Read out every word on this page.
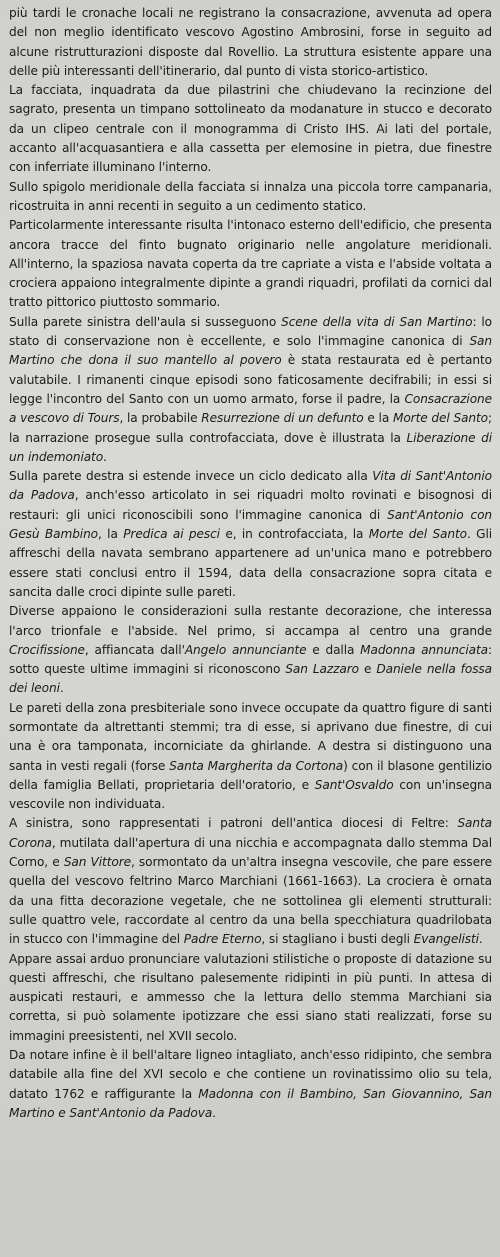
più tardi le cronache locali ne registrano la consacrazione, avvenuta ad opera del non meglio identificato vescovo Agostino Ambrosini, forse in seguito ad alcune ristrutturazioni disposte dal Rovellio. La struttura esistente appare una delle più interessanti dell'itinerario, dal punto di vista storico-artistico.

La facciata, inquadrata da due pilastrini che chiudevano la recinzione del sagrato, presenta un timpano sottolineato da modanature in stucco e decorato da un clipeo centrale con il monogramma di Cristo IHS. Ai lati del portale, accanto all'acquasantiera e alla cassetta per elemosine in pietra, due finestre con inferriate illuminano l'interno.

Sullo spigolo meridionale della facciata si innalza una piccola torre campanaria, ricostruita in anni recenti in seguito a un cedimento statico.

Particolarmente interessante risulta l'intonaco esterno dell'edificio, che presenta ancora tracce del finto bugnato originario nelle angolature meridionali. All'interno, la spaziosa navata coperta da tre capriate a vista e l'abside voltata a crociera appaiono integralmente dipinte a grandi riquadri, profilati da cornici dal tratto pittorico piuttosto sommario.

Sulla parete sinistra dell'aula si susseguono Scene della vita di San Martino: lo stato di conservazione non è eccellente, e solo l'immagine canonica di San Martino che dona il suo mantello al povero è stata restaurata ed è pertanto valutabile. I rimanenti cinque episodi sono faticosamente decifrabili; in essi si legge l'incontro del Santo con un uomo armato, forse il padre, la Consacrazione a vescovo di Tours, la probabile Resurrezione di un defunto e la Morte del Santo; la narrazione prosegue sulla controfacciata, dove è illustrata la Liberazione di un indemoniato.

Sulla parete destra si estende invece un ciclo dedicato alla Vita di Sant'Antonio da Padova, anch'esso articolato in sei riquadri molto rovinati e bisognosi di restauri: gli unici riconoscibili sono l'immagine canonica di Sant'Antonio con Gesù Bambino, la Predica ai pesci e, in controfacciata, la Morte del Santo. Gli affreschi della navata sembrano appartenere ad un'unica mano e potrebbero essere stati conclusi entro il 1594, data della consacrazione sopra citata e sancita dalle croci dipinte sulle pareti.

Diverse appaiono le considerazioni sulla restante decorazione, che interessa l'arco trionfale e l'abside. Nel primo, si accampa al centro una grande Crocifissione, affiancata dall'Angelo annunciante e dalla Madonna annunciata: sotto queste ultime immagini si riconoscono San Lazzaro e Daniele nella fossa dei leoni.

Le pareti della zona presbiteriale sono invece occupate da quattro figure di santi sormontate da altrettanti stemmi; tra di esse, si aprivano due finestre, di cui una è ora tamponata, incorniciate da ghirlande. A destra si distinguono una santa in vesti regali (forse Santa Margherita da Cortona) con il blasone gentilizio della famiglia Bellati, proprietaria dell'oratorio, e Sant'Osvaldo con un'insegna vescovile non individuata.

A sinistra, sono rappresentati i patroni dell'antica diocesi di Feltre: Santa Corona, mutilata dall'apertura di una nicchia e accompagnata dallo stemma Dal Corno, e San Vittore, sormontato da un'altra insegna vescovile, che pare essere quella del vescovo feltrino Marco Marchiani (1661-1663). La crociera è ornata da una fitta decorazione vegetale, che ne sottolinea gli elementi strutturali: sulle quattro vele, raccordate al centro da una bella specchiatura quadrilobata in stucco con l'immagine del Padre Eterno, si stagliano i busti degli Evangelisti.

Appare assai arduo pronunciare valutazioni stilistiche o proposte di datazione su questi affreschi, che risultano palesemente ridipinti in più punti. In attesa di auspicati restauri, e ammesso che la lettura dello stemma Marchiani sia corretta, si può solamente ipotizzare che essi siano stati realizzati, forse su immagini preesistenti, nel XVII secolo.

Da notare infine è il bell'altare ligneo intagliato, anch'esso ridipinto, che sembra databile alla fine del XVI secolo e che contiene un rovinatissimo olio su tela, datato 1762 e raffigurante la Madonna con il Bambino, San Giovannino, San Martino e Sant'Antonio da Padova.
